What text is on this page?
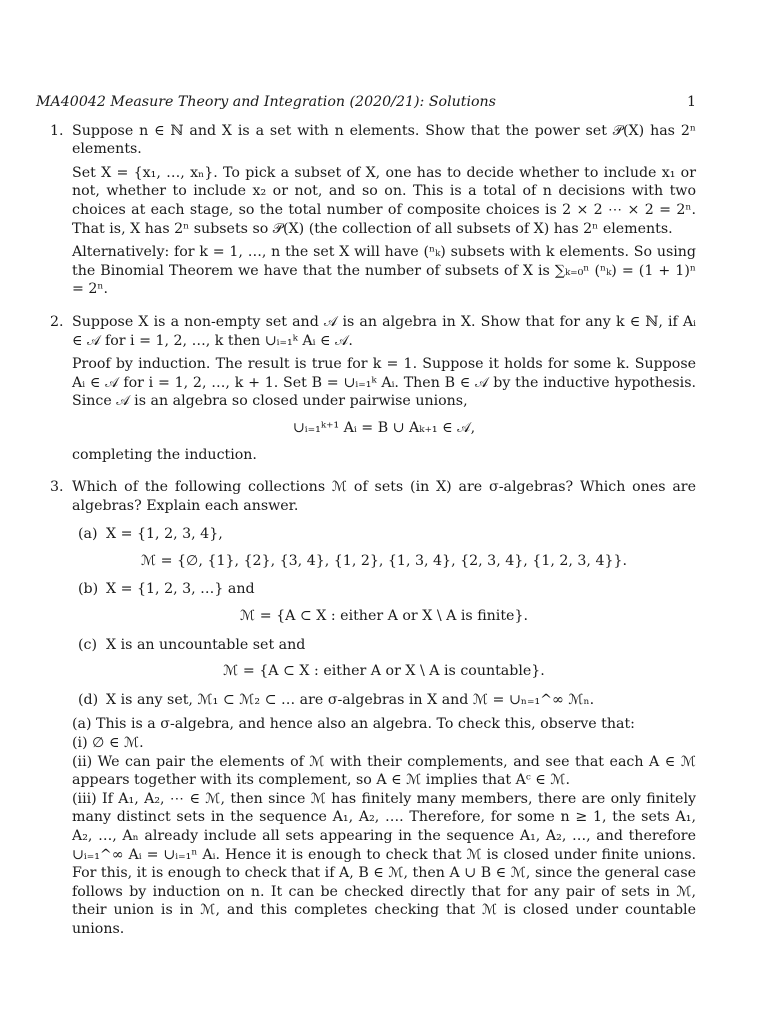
MA40042 Measure Theory and Integration (2020/21): Solutions	1
1. Suppose n ∈ ℕ and X is a set with n elements. Show that the power set 𝒫(X) has 2ⁿ elements.
Set X = {x₁, …, xₙ}. To pick a subset of X, one has to decide whether to include x₁ or not, whether to include x₂ or not, and so on. This is a total of n decisions with two choices at each stage, so the total number of composite choices is 2 × 2 ⋯ × 2 = 2ⁿ. That is, X has 2ⁿ subsets so 𝒫(X) (the collection of all subsets of X) has 2ⁿ elements.
Alternatively: for k = 1, …, n the set X will have (ⁿₖ) subsets with k elements. So using the Binomial Theorem we have that the number of subsets of X is ∑ₖ₌₀ⁿ (ⁿₖ) = (1 + 1)ⁿ = 2ⁿ.
2. Suppose X is a non-empty set and 𝒜 is an algebra in X. Show that for any k ∈ ℕ, if Aᵢ ∈ 𝒜 for i = 1, 2, …, k then ∪ᵢ₌₁ᵏ Aᵢ ∈ 𝒜.
Proof by induction. The result is true for k = 1. Suppose it holds for some k. Suppose Aᵢ ∈ 𝒜 for i = 1, 2, …, k + 1. Set B = ∪ᵢ₌₁ᵏ Aᵢ. Then B ∈ 𝒜 by the inductive hypothesis. Since 𝒜 is an algebra so closed under pairwise unions,
∪ᵢ₌₁ᵏ⁺¹ Aᵢ = B ∪ Aₖ₊₁ ∈ 𝒜,
completing the induction.
3. Which of the following collections ℳ of sets (in X) are σ-algebras? Which ones are algebras? Explain each answer.
(a) X = {1, 2, 3, 4},
ℳ = {∅, {1}, {2}, {3, 4}, {1, 2}, {1, 3, 4}, {2, 3, 4}, {1, 2, 3, 4}}.
(b) X = {1, 2, 3, …} and
ℳ = {A ⊂ X : either A or X \ A is finite}.
(c) X is an uncountable set and
ℳ = {A ⊂ X : either A or X \ A is countable}.
(d) X is any set, ℳ₁ ⊂ ℳ₂ ⊂ … are σ-algebras in X and ℳ = ∪ₙ₌₁^∞ ℳₙ.
(a) This is a σ-algebra, and hence also an algebra. To check this, observe that:
(i) ∅ ∈ ℳ.
(ii) We can pair the elements of ℳ with their complements, and see that each A ∈ ℳ appears together with its complement, so A ∈ ℳ implies that Aᶜ ∈ ℳ.
(iii) If A₁, A₂, ⋯ ∈ ℳ, then since ℳ has finitely many members, there are only finitely many distinct sets in the sequence A₁, A₂, …. Therefore, for some n ≥ 1, the sets A₁, A₂, …, Aₙ already include all sets appearing in the sequence A₁, A₂, …, and therefore ∪ᵢ₌₁^∞ Aᵢ = ∪ᵢ₌₁ⁿ Aᵢ. Hence it is enough to check that ℳ is closed under finite unions. For this, it is enough to check that if A, B ∈ ℳ, then A ∪ B ∈ ℳ, since the general case follows by induction on n. It can be checked directly that for any pair of sets in ℳ, their union is in ℳ, and this completes checking that ℳ is closed under countable unions.
